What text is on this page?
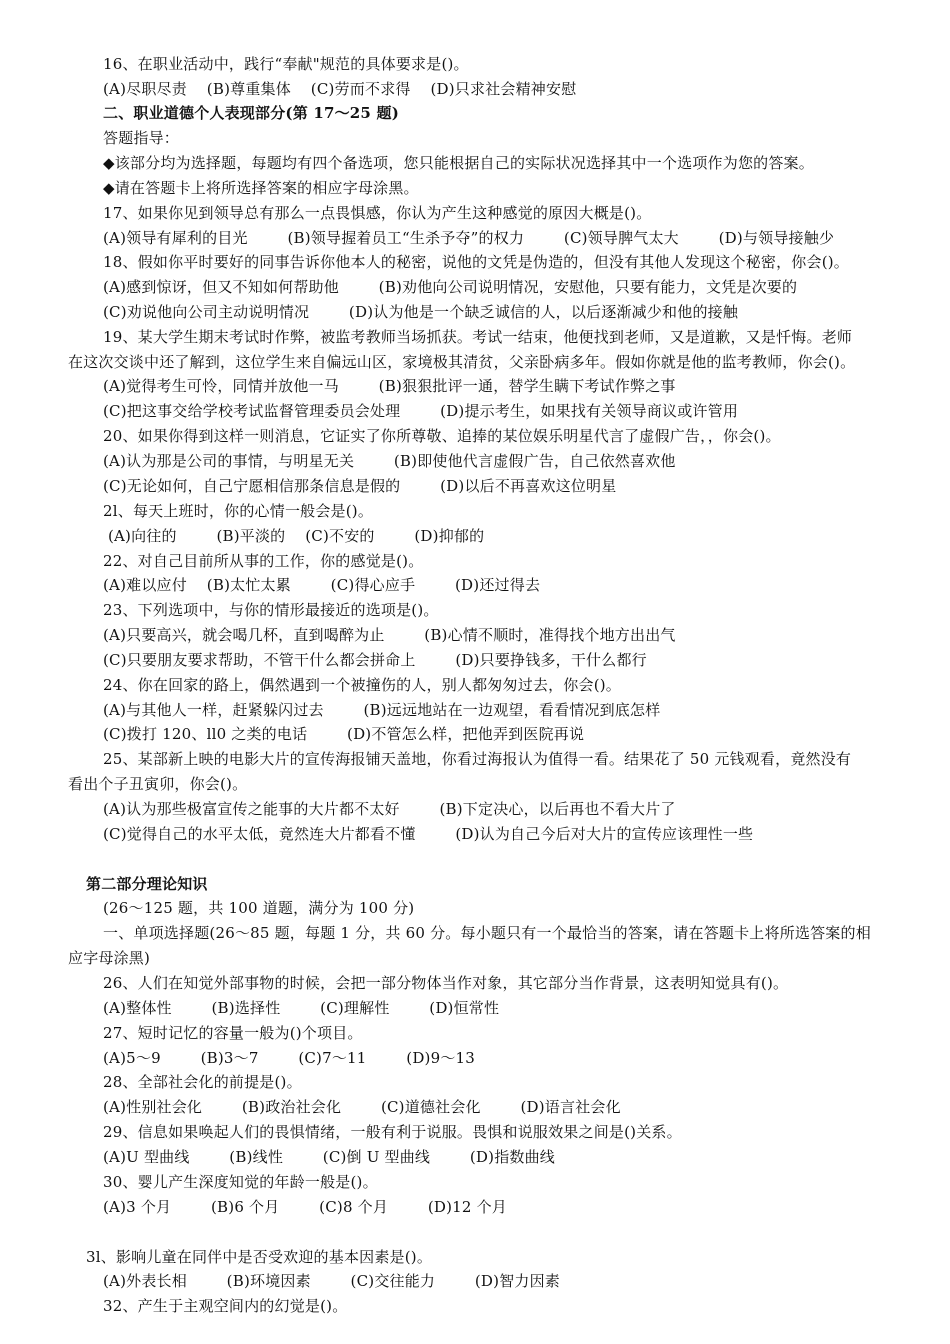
16、在职业活动中，践行“奉献"规范的具体要求是()。
(A)尽职尽责    (B)尊重集体    (C)劳而不求得    (D)只求社会精神安慰
二、职业道德个人表现部分(第 17～25 题)
答题指导：
◆该部分均为选择题，每题均有四个备选项，您只能根据自己的实际状况选择其中一个选项作为您的答案。
◆请在答题卡上将所选择答案的相应字母涂黑。
17、如果你见到领导总有那么一点畏惧感，你认为产生这种感觉的原因大概是()。
(A)领导有犀利的目光        (B)领导握着员工“生杀予夺”的权力        (C)领导脾气太大        (D)与领导接触少
18、假如你平时要好的同事告诉你他本人的秘密，说他的文凭是伪造的，但没有其他人发现这个秘密，你会()。
(A)感到惊讶，但又不知如何帮助他        (B)劝他向公司说明情况，安慰他，只要有能力，文凭是次要的
(C)劝说他向公司主动说明情况        (D)认为他是一个缺乏诚信的人，以后逐渐减少和他的接触
19、某大学生期末考试时作弊，被监考教师当场抓获。考试一结束，他便找到老师，又是道歉，又是忏悔。老师
在这次交谈中还了解到，这位学生来自偏远山区，家境极其清贫，父亲卧病多年。假如你就是他的监考教师，你会()。
(A)觉得考生可怜，同情并放他一马        (B)狠狠批评一通，替学生瞒下考试作弊之事
(C)把这事交给学校考试监督管理委员会处理        (D)提示考生，如果找有关领导商议或许管用
20、如果你得到这样一则消息，它证实了你所尊敬、追捧的某位娱乐明星代言了虚假广告，，你会()。
(A)认为那是公司的事情，与明星无关        (B)即使他代言虚假广告，自己依然喜欢他
(C)无论如何，自己宁愿相信那条信息是假的        (D)以后不再喜欢这位明星
2l、每天上班时，你的心情一般会是()。
(A)向往的        (B)平淡的    (C)不安的        (D)抑郁的
22、对自己目前所从事的工作，你的感觉是()。
(A)难以应付    (B)太忙太累        (C)得心应手        (D)还过得去
23、下列选项中，与你的情形最接近的选项是()。
(A)只要高兴，就会喝几杯，直到喝醉为止        (B)心情不顺时，准得找个地方出出气
(C)只要朋友要求帮助，不管干什么都会拼命上        (D)只要挣钱多，干什么都行
24、你在回家的路上，偶然遇到一个被撞伤的人，别人都匆匆过去，你会()。
(A)与其他人一样，赶紧躲闪过去        (B)远远地站在一边观望，看看情况到底怎样
(C)拨打 120、ll0 之类的电话        (D)不管怎么样，把他弄到医院再说
25、某部新上映的电影大片的宣传海报铺天盖地，你看过海报认为值得一看。结果花了 50 元钱观看，竟然没有
看出个子丑寅卯，你会()。
(A)认为那些极富宣传之能事的大片都不太好        (B)下定决心，以后再也不看大片了
(C)觉得自己的水平太低，竟然连大片都看不懂        (D)认为自己今后对大片的宣传应该理性一些
第二部分理论知识
(26～125 题，共 100 道题，满分为 100 分)
一、单项选择题(26～85 题，每题 1 分，共 60 分。每小题只有一个最恰当的答案，请在答题卡上将所选答案的相
应字母涂黑)
26、人们在知觉外部事物的时候，会把一部分物体当作对象，其它部分当作背景，这表明知觉具有()。
(A)整体性        (B)选择性        (C)理解性        (D)恒常性
27、短时记忆的容量一般为()个项目。
(A)5～9        (B)3～7        (C)7～11        (D)9～13
28、全部社会化的前提是()。
(A)性别社会化        (B)政治社会化        (C)道德社会化        (D)语言社会化
29、信息如果唤起人们的畏惧情绪，一般有利于说服。畏惧和说服效果之间是()关系。
(A)U 型曲线        (B)线性        (C)倒 U 型曲线        (D)指数曲线
30、婴儿产生深度知觉的年龄一般是()。
(A)3 个月        (B)6 个月        (C)8 个月        (D)12 个月
3l、影响儿童在同伴中是否受欢迎的基本因素是()。
(A)外表长相        (B)环境因素        (C)交往能力        (D)智力因素
32、产生于主观空间内的幻觉是()。
